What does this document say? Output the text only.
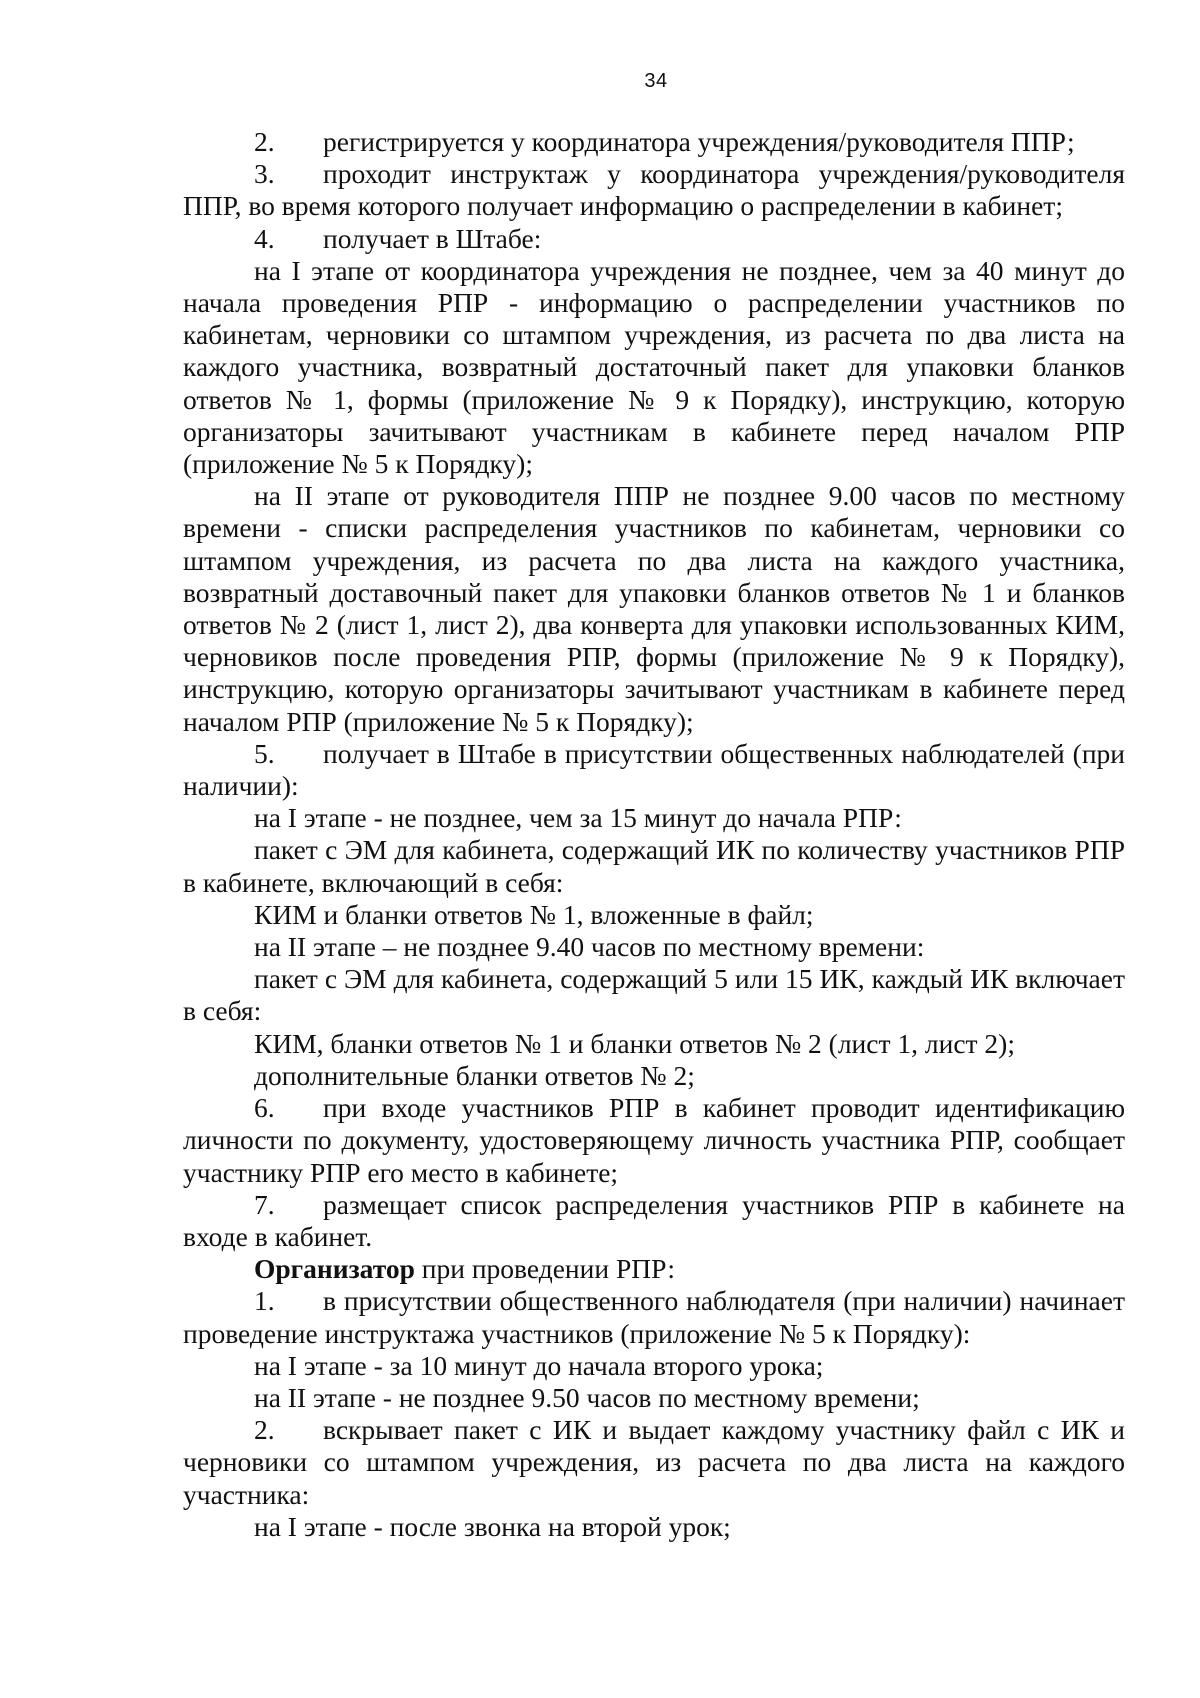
34

2. регистрируется у координатора учреждения/руководителя ППР;

3. проходит инструктаж у координатора учреждения/руководителя ППР, во время которого получает информацию о распределении в кабинет;

4. получает в Штабе:

на I этапе от координатора учреждения не позднее, чем за 40 минут до начала проведения РПР - информацию о распределении участников по кабинетам, черновики со штампом учреждения, из расчета по два листа на каждого участника, возвратный достаточный пакет для упаковки бланков ответов № 1, формы (приложение № 9 к Порядку), инструкцию, которую организаторы зачитывают участникам в кабинете перед началом РПР (приложение № 5 к Порядку);

на II этапе от руководителя ППР не позднее 9.00 часов по местному времени - списки распределения участников по кабинетам, черновики со штампом учреждения, из расчета по два листа на каждого участника, возвратный доставочный пакет для упаковки бланков ответов № 1 и бланков ответов № 2 (лист 1, лист 2), два конверта для упаковки использованных КИМ, черновиков после проведения РПР, формы (приложение № 9 к Порядку), инструкцию, которую организаторы зачитывают участникам в кабинете перед началом РПР (приложение № 5 к Порядку);

5. получает в Штабе в присутствии общественных наблюдателей (при наличии):

на I этапе - не позднее, чем за 15 минут до начала РПР:

пакет с ЭМ для кабинета, содержащий ИК по количеству участников РПР в кабинете, включающий в себя:

КИМ и бланки ответов № 1, вложенные в файл;

на II этапе – не позднее 9.40 часов по местному времени:

пакет с ЭМ для кабинета, содержащий 5 или 15 ИК, каждый ИК включает в себя:

КИМ, бланки ответов № 1 и бланки ответов № 2 (лист 1, лист 2);

дополнительные бланки ответов № 2;

6. при входе участников РПР в кабинет проводит идентификацию личности по документу, удостоверяющему личность участника РПР, сообщает участнику РПР его место в кабинете;

7. размещает список распределения участников РПР в кабинете на входе в кабинет.

Организатор при проведении РПР:

1. в присутствии общественного наблюдателя (при наличии) начинает проведение инструктажа участников (приложение № 5 к Порядку):

на I этапе - за 10 минут до начала второго урока;

на II этапе - не позднее 9.50 часов по местному времени;

2. вскрывает пакет с ИК и выдает каждому участнику файл с ИК и черновики со штампом учреждения, из расчета по два листа на каждого участника:

на I этапе - после звонка на второй урок;
